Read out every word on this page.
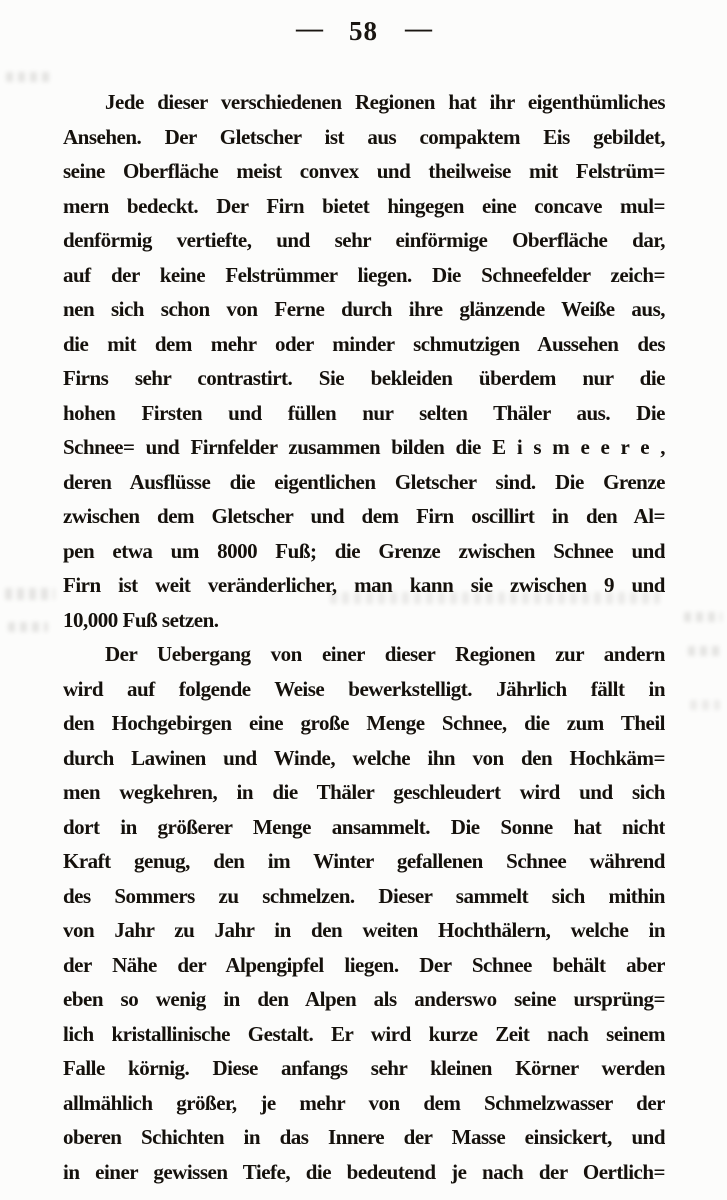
— 58 —
Jede dieser verschiedenen Regionen hat ihr eigenthümliches
Ansehen. Der Gletscher ist aus compaktem Eis gebildet,
seine Oberfläche meist convex und theilweise mit Felstrüm=
mern bedeckt. Der Firn bietet hingegen eine concave mul=
denförmig vertiefte, und sehr einförmige Oberfläche dar,
auf der keine Felstrümmer liegen. Die Schneefelder zeich=
nen sich schon von Ferne durch ihre glänzende Weiße aus,
die mit dem mehr oder minder schmutzigen Aussehen des
Firns sehr contrastirt. Sie bekleiden überdem nur die
hohen Firsten und füllen nur selten Thäler aus. Die
Schnee= und Firnfelder zusammen bilden die E i s m e e r e ,
deren Ausflüsse die eigentlichen Gletscher sind. Die Grenze
zwischen dem Gletscher und dem Firn oscillirt in den Al=
pen etwa um 8000 Fuß; die Grenze zwischen Schnee und
Firn ist weit veränderlicher, man kann sie zwischen 9 und
10,000 Fuß setzen.
Der Uebergang von einer dieser Regionen zur andern
wird auf folgende Weise bewerkstelligt. Jährlich fällt in
den Hochgebirgen eine große Menge Schnee, die zum Theil
durch Lawinen und Winde, welche ihn von den Hochkäm=
men wegkehren, in die Thäler geschleudert wird und sich
dort in größerer Menge ansammelt. Die Sonne hat nicht
Kraft genug, den im Winter gefallenen Schnee während
des Sommers zu schmelzen. Dieser sammelt sich mithin
von Jahr zu Jahr in den weiten Hochthälern, welche in
der Nähe der Alpengipfel liegen. Der Schnee behält aber
eben so wenig in den Alpen als anderswo seine ursprüng=
lich kristallinische Gestalt. Er wird kurze Zeit nach seinem
Falle körnig. Diese anfangs sehr kleinen Körner werden
allmählich größer, je mehr von dem Schmelzwasser der
oberen Schichten in das Innere der Masse einsickert, und
in einer gewissen Tiefe, die bedeutend je nach der Oertlich=
